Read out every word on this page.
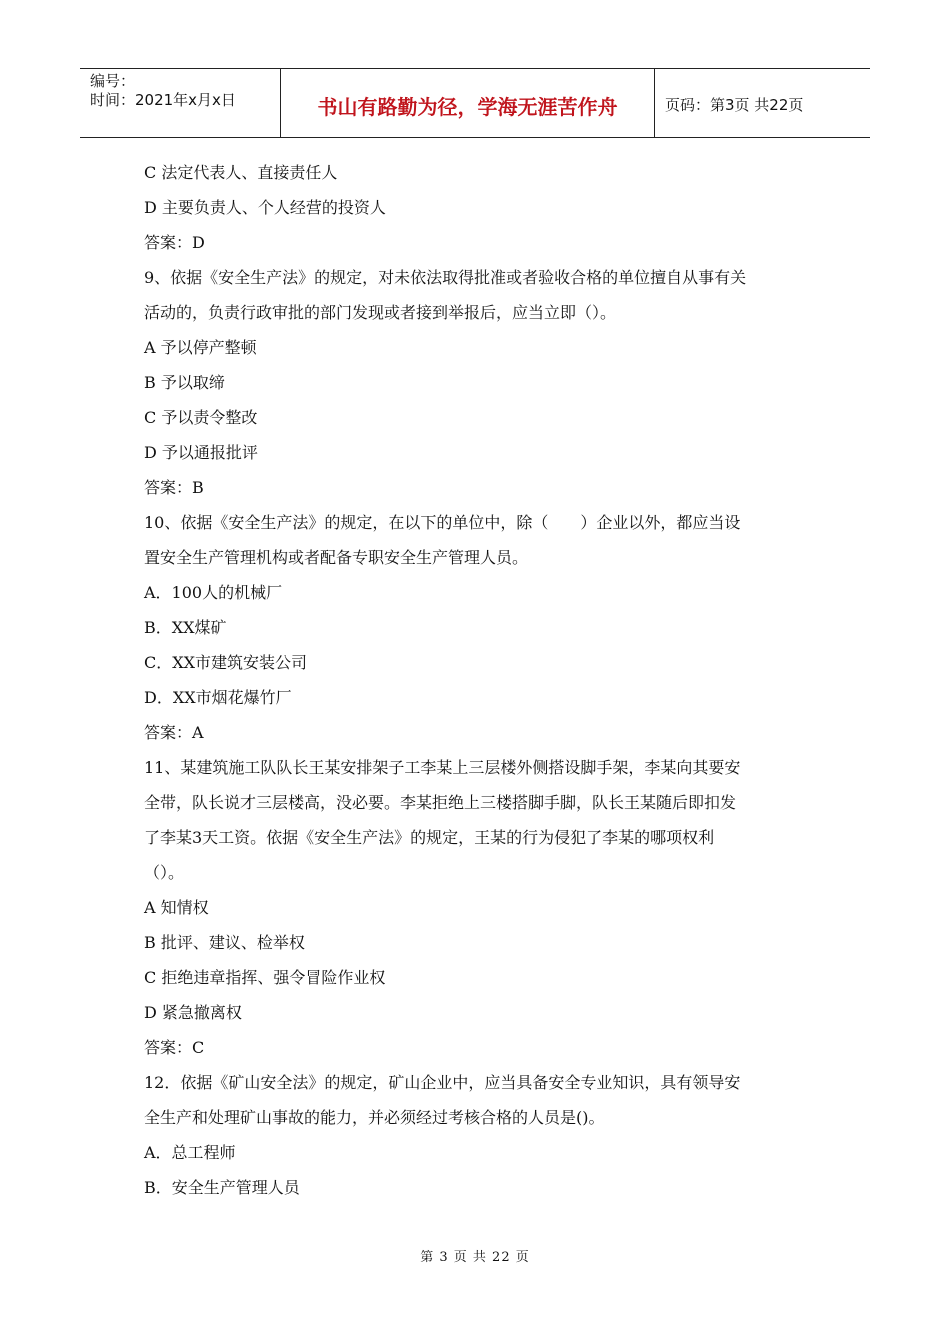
编号：
时间：2021年x月x日	书山有路勤为径，学海无涯苦作舟	页码：第3页 共22页

C 法定代表人、直接责任人

D 主要负责人、个人经营的投资人

答案：D

9、依据《安全生产法》的规定，对未依法取得批准或者验收合格的单位擅自从事有关

活动的，负责行政审批的部门发现或者接到举报后，应当立即（）。

A 予以停产整顿

B 予以取缔

C 予以责令整改

D 予以通报批评

答案：B

10、依据《安全生产法》的规定，在以下的单位中，除（　　）企业以外，都应当设

置安全生产管理机构或者配备专职安全生产管理人员。

A．100人的机械厂

B．XX煤矿

C．XX市建筑安装公司

D．XX市烟花爆竹厂

答案：A

11、某建筑施工队队长王某安排架子工李某上三层楼外侧搭设脚手架，李某向其要安

全带，队长说才三层楼高，没必要。李某拒绝上三楼搭脚手脚，队长王某随后即扣发

了李某3天工资。依据《安全生产法》的规定，王某的行为侵犯了李某的哪项权利

（）。

A 知情权

B 批评、建议、检举权

C 拒绝违章指挥、强令冒险作业权

D 紧急撤离权

答案：C

12．依据《矿山安全法》的规定，矿山企业中，应当具备安全专业知识，具有领导安

全生产和处理矿山事故的能力，并必须经过考核合格的人员是()。

A．总工程师

B．安全生产管理人员

第 3 页 共 22 页
